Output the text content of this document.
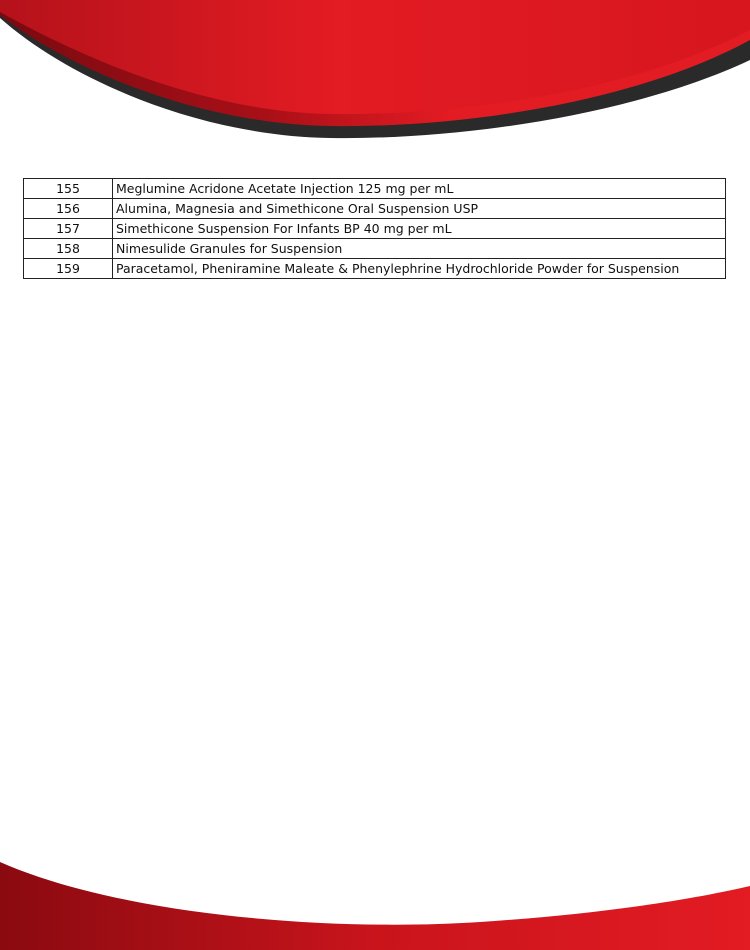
155	Meglumine Acridone Acetate Injection 125 mg per mL
156	Alumina, Magnesia and Simethicone Oral Suspension USP
157	Simethicone Suspension For Infants BP 40 mg per mL
158	Nimesulide Granules for Suspension
159	Paracetamol, Pheniramine Maleate & Phenylephrine Hydrochloride Powder for Suspension
